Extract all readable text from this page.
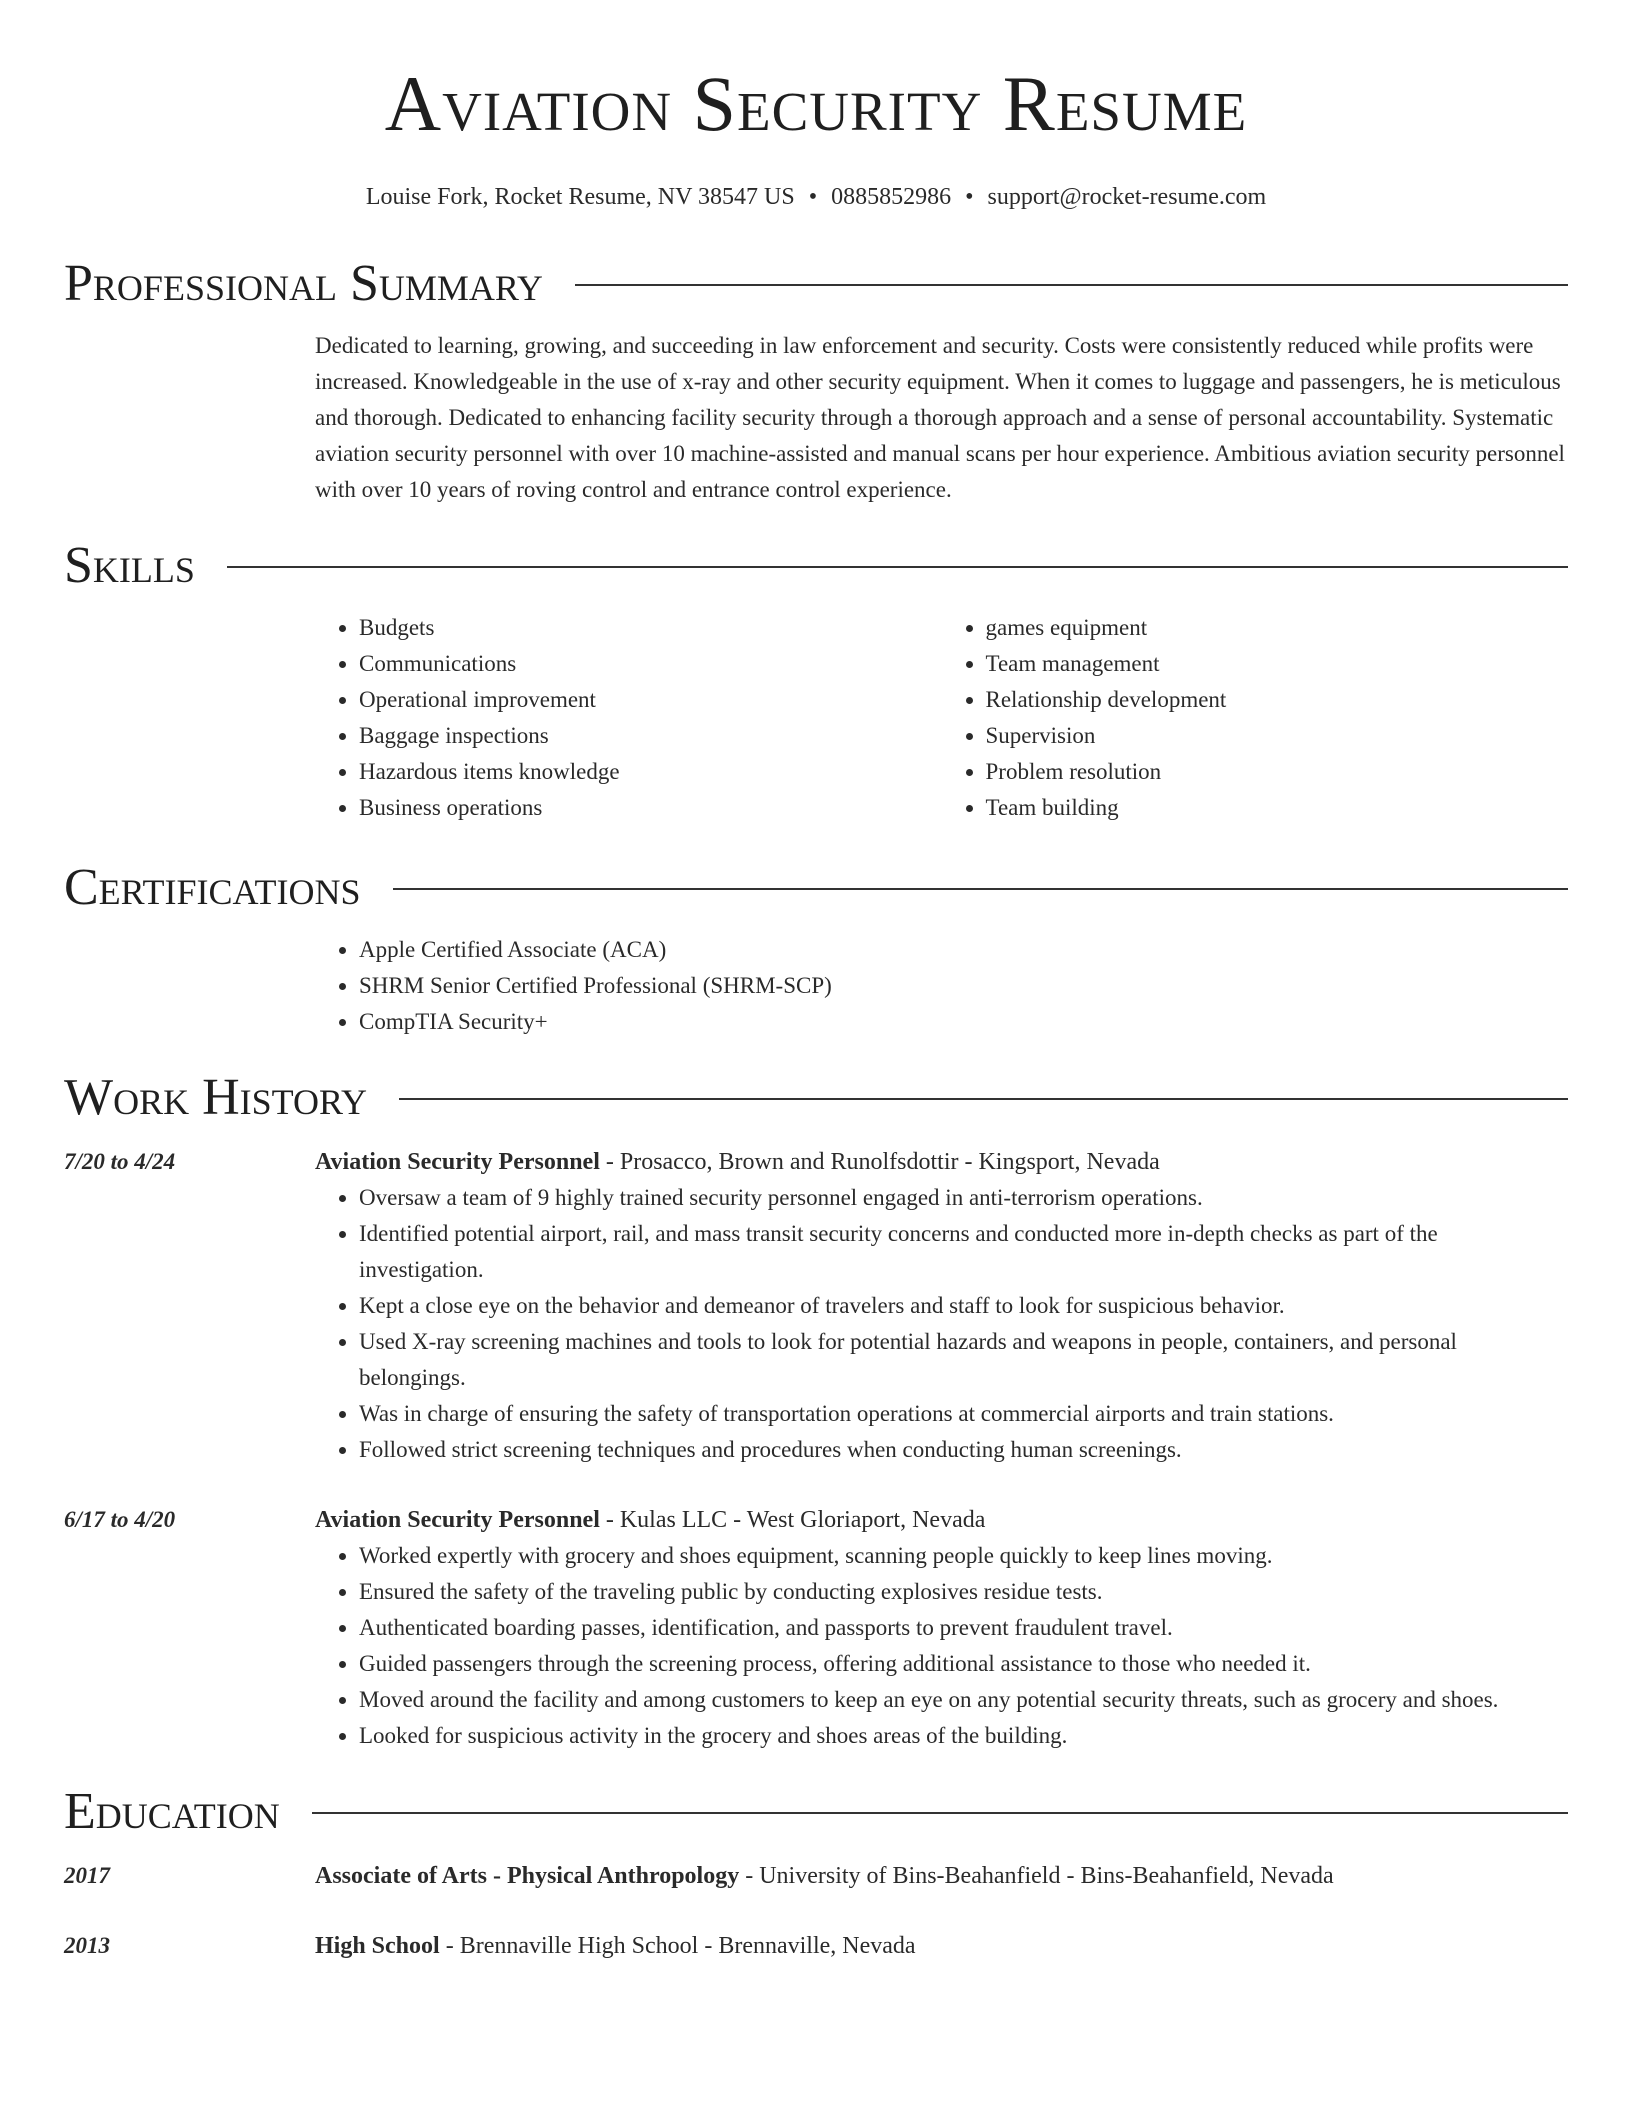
Aviation Security Resume
Louise Fork, Rocket Resume, NV 38547 US • 0885852986 • support@rocket-resume.com
Professional Summary

Dedicated to learning, growing, and succeeding in law enforcement and security. Costs were consistently reduced while profits were increased. Knowledgeable in the use of x-ray and other security equipment. When it comes to luggage and passengers, he is meticulous and thorough. Dedicated to enhancing facility security through a thorough approach and a sense of personal accountability. Systematic aviation security personnel with over 10 machine-assisted and manual scans per hour experience. Ambitious aviation security personnel with over 10 years of roving control and entrance control experience.

Skills
• Budgets
• Communications
• Operational improvement
• Baggage inspections
• Hazardous items knowledge
• Business operations
• games equipment
• Team management
• Relationship development
• Supervision
• Problem resolution
• Team building
Certifications
• Apple Certified Associate (ACA)
• SHRM Senior Certified Professional (SHRM-SCP)
• CompTIA Security+
Work History
7/20 to 4/24	Aviation Security Personnel - Prosacco, Brown and Runolfsdottir - Kingsport, Nevada
• Oversaw a team of 9 highly trained security personnel engaged in anti-terrorism operations.
• Identified potential airport, rail, and mass transit security concerns and conducted more in-depth checks as part of the investigation.
• Kept a close eye on the behavior and demeanor of travelers and staff to look for suspicious behavior.
• Used X-ray screening machines and tools to look for potential hazards and weapons in people, containers, and personal belongings.
• Was in charge of ensuring the safety of transportation operations at commercial airports and train stations.
• Followed strict screening techniques and procedures when conducting human screenings.
6/17 to 4/20	Aviation Security Personnel - Kulas LLC - West Gloriaport, Nevada
• Worked expertly with grocery and shoes equipment, scanning people quickly to keep lines moving.
• Ensured the safety of the traveling public by conducting explosives residue tests.
• Authenticated boarding passes, identification, and passports to prevent fraudulent travel.
• Guided passengers through the screening process, offering additional assistance to those who needed it.
• Moved around the facility and among customers to keep an eye on any potential security threats, such as grocery and shoes.
• Looked for suspicious activity in the grocery and shoes areas of the building.
Education
2017	Associate of Arts - Physical Anthropology - University of Bins-Beahanfield - Bins-Beahanfield, Nevada
2013	High School - Brennaville High School - Brennaville, Nevada
